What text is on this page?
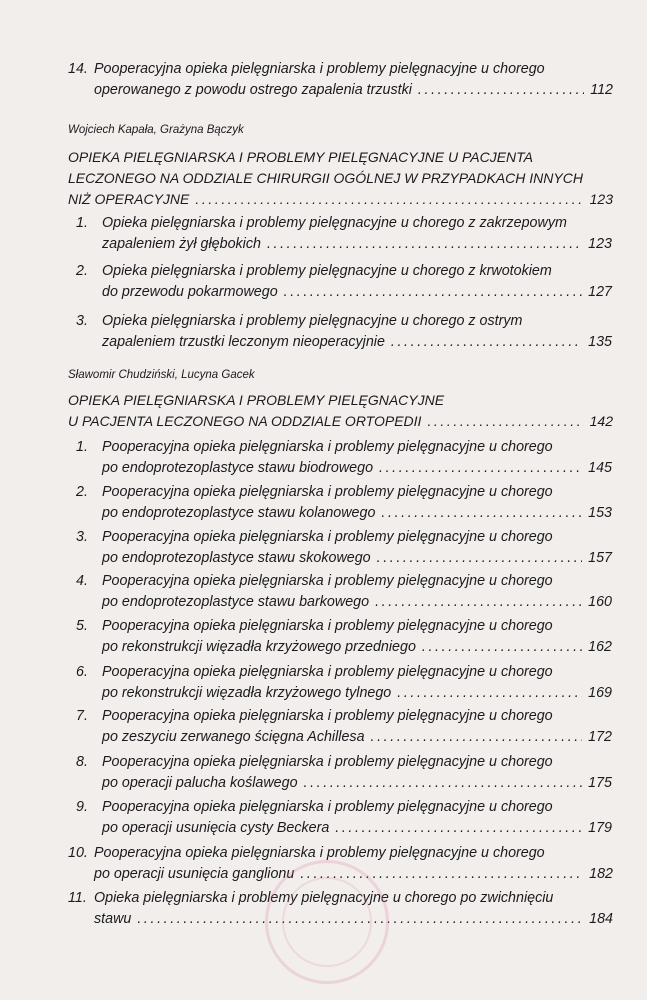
14. Pooperacyjna opieka pielęgniarska i problemy pielęgnacyjne u chorego
operowanego z powodu ostrego zapalenia trzustki .....	112
Wojciech Kapała, Grażyna Bączyk
OPIEKA PIELĘGNIARSKA I PROBLEMY PIELĘGNACYJNE U PACJENTA
LECZONEGO NA ODDZIALE CHIRURGII OGÓLNEJ W PRZYPADKACH INNYCH
NIŻ OPERACYJNE .....	123
1. Opieka pielęgniarska i problemy pielęgnacyjne u chorego z zakrzepowym
zapaleniem żył głębokich .....	123
2. Opieka pielęgniarska i problemy pielęgnacyjne u chorego z krwotokiem
do przewodu pokarmowego .....	127
3. Opieka pielęgniarska i problemy pielęgnacyjne u chorego z ostrym
zapaleniem trzustki leczonym nieoperacyjnie .....	135
Sławomir Chudziński, Lucyna Gacek
OPIEKA PIELĘGNIARSKA I PROBLEMY PIELĘGNACYJNE
U PACJENTA LECZONEGO NA ODDZIALE ORTOPEDII .....	142
1. Pooperacyjna opieka pielęgniarska i problemy pielęgnacyjne u chorego
po endoprotezoplastyce stawu biodrowego .....	145
2. Pooperacyjna opieka pielęgniarska i problemy pielęgnacyjne u chorego
po endoprotezoplastyce stawu kolanowego .....	153
3. Pooperacyjna opieka pielęgniarska i problemy pielęgnacyjne u chorego
po endoprotezoplastyce stawu skokowego .....	157
4. Pooperacyjna opieka pielęgniarska i problemy pielęgnacyjne u chorego
po endoprotezoplastyce stawu barkowego .....	160
5. Pooperacyjna opieka pielęgniarska i problemy pielęgnacyjne u chorego
po rekonstrukcji więzadła krzyżowego przedniego .....	162
6. Pooperacyjna opieka pielęgniarska i problemy pielęgnacyjne u chorego
po rekonstrukcji więzadła krzyżowego tylnego .....	169
7. Pooperacyjna opieka pielęgniarska i problemy pielęgnacyjne u chorego
po zeszyciu zerwanego ścięgna Achillesa .....	172
8. Pooperacyjna opieka pielęgniarska i problemy pielęgnacyjne u chorego
po operacji palucha koślawego .....	175
9. Pooperacyjna opieka pielęgniarska i problemy pielęgnacyjne u chorego
po operacji usunięcia cysty Beckera .....	179
10. Pooperacyjna opieka pielęgniarska i problemy pielęgnacyjne u chorego
po operacji usunięcia ganglionu .....	182
11. Opieka pielęgniarska i problemy pielęgnacyjne u chorego po zwichnięciu
stawu .....	184
